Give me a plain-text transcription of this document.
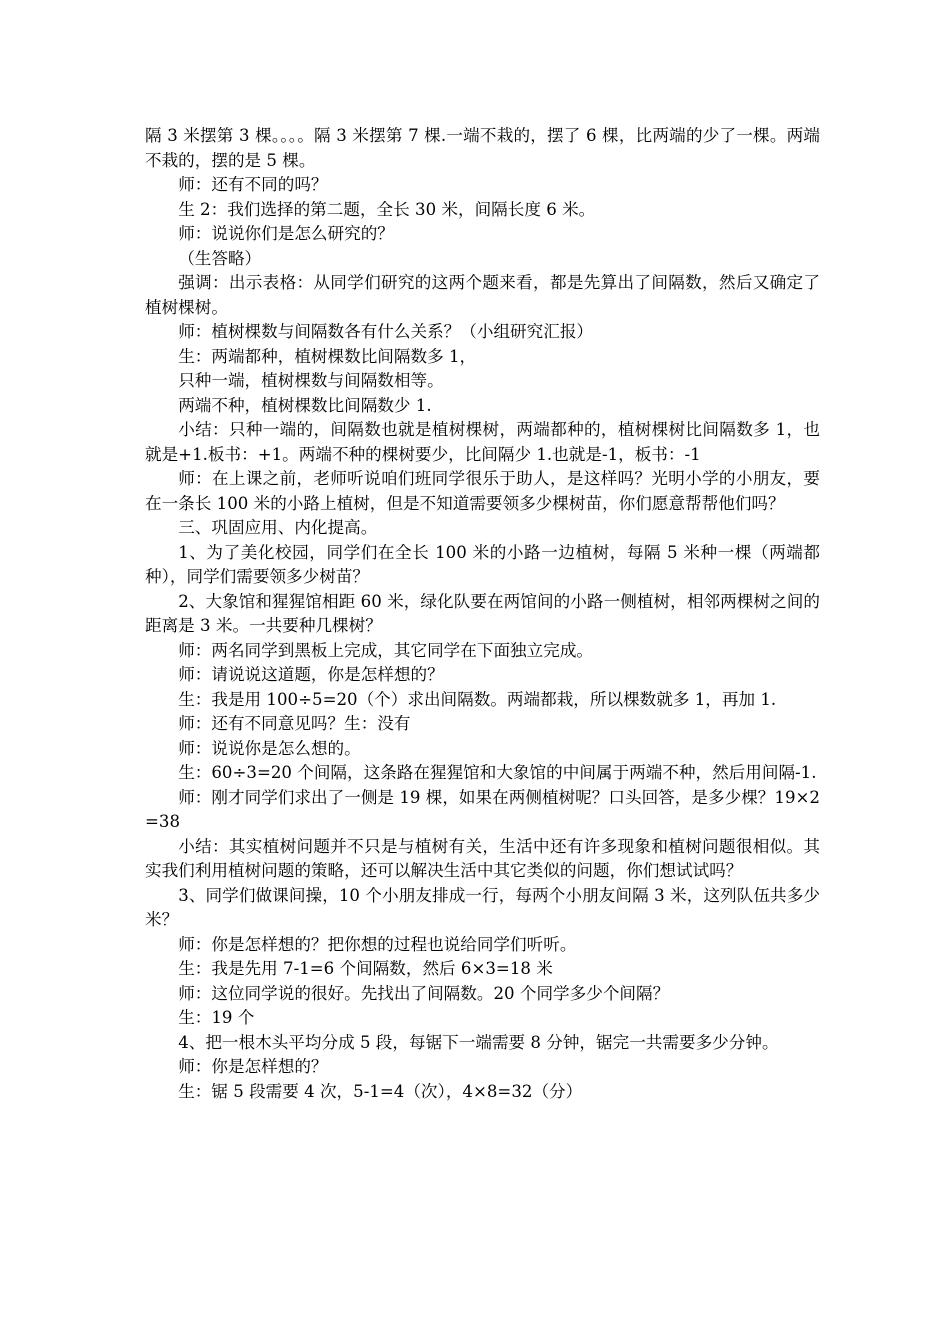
隔 3 米摆第 3 棵。。。。隔 3 米摆第 7 棵.一端不栽的，摆了 6 棵，比两端的少了一棵。两端不栽的，摆的是 5 棵。

师：还有不同的吗？

生 2：我们选择的第二题，全长 30 米，间隔长度 6 米。

师：说说你们是怎么研究的？

（生答略）

强调：出示表格：从同学们研究的这两个题来看，都是先算出了间隔数，然后又确定了植树棵树。

师：植树棵数与间隔数各有什么关系？（小组研究汇报）

生：两端都种，植树棵数比间隔数多 1，

只种一端，植树棵数与间隔数相等。

两端不种，植树棵数比间隔数少 1.

小结：只种一端的，间隔数也就是植树棵树，两端都种的，植树棵树比间隔数多 1，也就是+1.板书：+1。两端不种的棵树要少，比间隔少 1.也就是-1，板书：-1

师：在上课之前，老师听说咱们班同学很乐于助人，是这样吗？光明小学的小朋友，要在一条长 100 米的小路上植树，但是不知道需要领多少棵树苗，你们愿意帮帮他们吗？

三、巩固应用、内化提高。

1、为了美化校园，同学们在全长 100 米的小路一边植树，每隔 5 米种一棵（两端都种），同学们需要领多少树苗？

2、大象馆和猩猩馆相距 60 米，绿化队要在两馆间的小路一侧植树，相邻两棵树之间的距离是 3 米。一共要种几棵树？

师：两名同学到黑板上完成，其它同学在下面独立完成。

师：请说说这道题，你是怎样想的？

生：我是用 100÷5=20（个）求出间隔数。两端都栽，所以棵数就多 1，再加 1.

师：还有不同意见吗？生：没有

师：说说你是怎么想的。

生：60÷3=20 个间隔，这条路在猩猩馆和大象馆的中间属于两端不种，然后用间隔-1.

师：刚才同学们求出了一侧是 19 棵，如果在两侧植树呢？口头回答，是多少棵？19×2=38

小结：其实植树问题并不只是与植树有关，生活中还有许多现象和植树问题很相似。其实我们利用植树问题的策略，还可以解决生活中其它类似的问题，你们想试试吗？

3、同学们做课间操，10 个小朋友排成一行，每两个小朋友间隔 3 米，这列队伍共多少米？

师：你是怎样想的？把你想的过程也说给同学们听听。

生：我是先用 7-1=6 个间隔数，然后 6×3=18 米

师：这位同学说的很好。先找出了间隔数。20 个同学多少个间隔？

生：19 个

4、把一根木头平均分成 5 段，每锯下一端需要 8 分钟，锯完一共需要多少分钟。

师：你是怎样想的？

生：锯 5 段需要 4 次，5-1=4（次），4×8=32（分）
